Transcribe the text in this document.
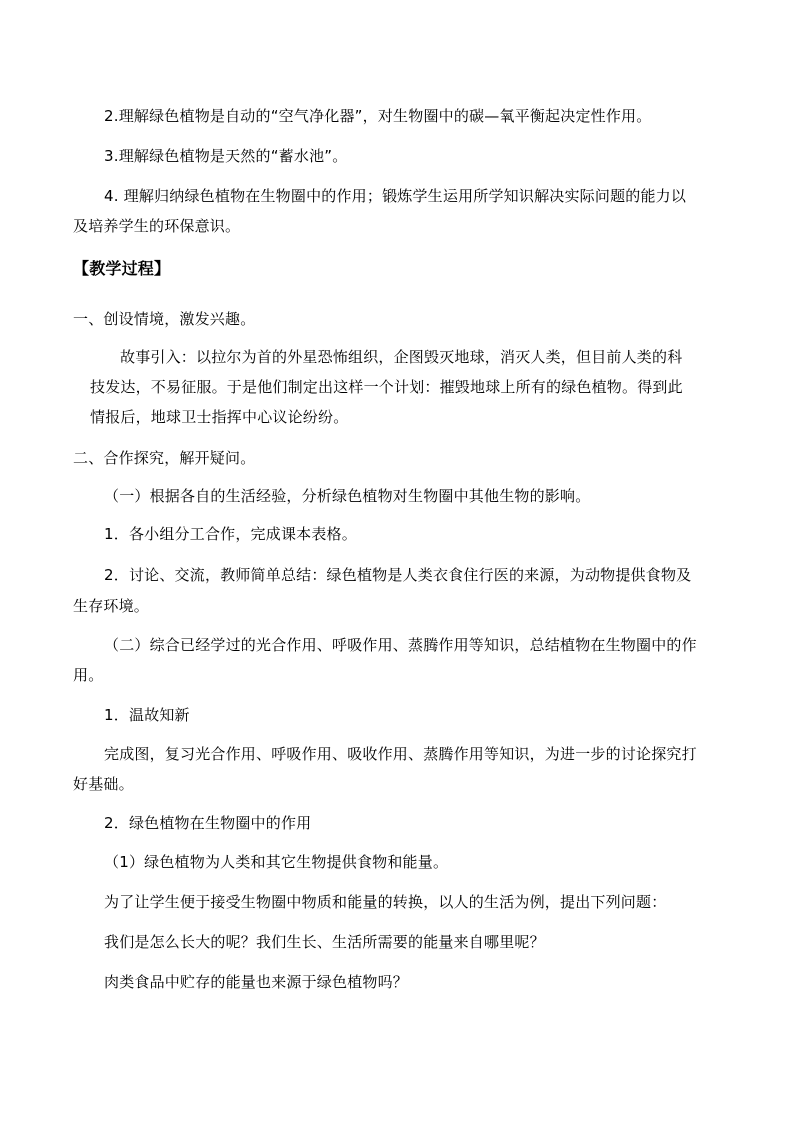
2.理解绿色植物是自动的“空气净化器”，对生物圈中的碳—氧平衡起决定性作用。
3.理解绿色植物是天然的“蓄水池”。
4. 理解归纳绿色植物在生物圈中的作用；锻炼学生运用所学知识解决实际问题的能力以
及培养学生的环保意识。
【教学过程】
一、创设情境，激发兴趣。
故事引入：以拉尔为首的外星恐怖组织，企图毁灭地球，消灭人类，但目前人类的科
技发达，不易征服。于是他们制定出这样一个计划：摧毁地球上所有的绿色植物。得到此
情报后，地球卫士指挥中心议论纷纷。
二、合作探究，解开疑问。
（一）根据各自的生活经验，分析绿色植物对生物圈中其他生物的影响。
1．各小组分工合作，完成课本表格。
2．讨论、交流，教师简单总结：绿色植物是人类衣食住行医的来源，为动物提供食物及
生存环境。
（二）综合已经学过的光合作用、呼吸作用、蒸腾作用等知识，总结植物在生物圈中的作
用。
1．温故知新
完成图，复习光合作用、呼吸作用、吸收作用、蒸腾作用等知识，为进一步的讨论探究打
好基础。
2．绿色植物在生物圈中的作用
（1）绿色植物为人类和其它生物提供食物和能量。
为了让学生便于接受生物圈中物质和能量的转换，以人的生活为例，提出下列问题：
我们是怎么长大的呢？我们生长、生活所需要的能量来自哪里呢？
肉类食品中贮存的能量也来源于绿色植物吗？
